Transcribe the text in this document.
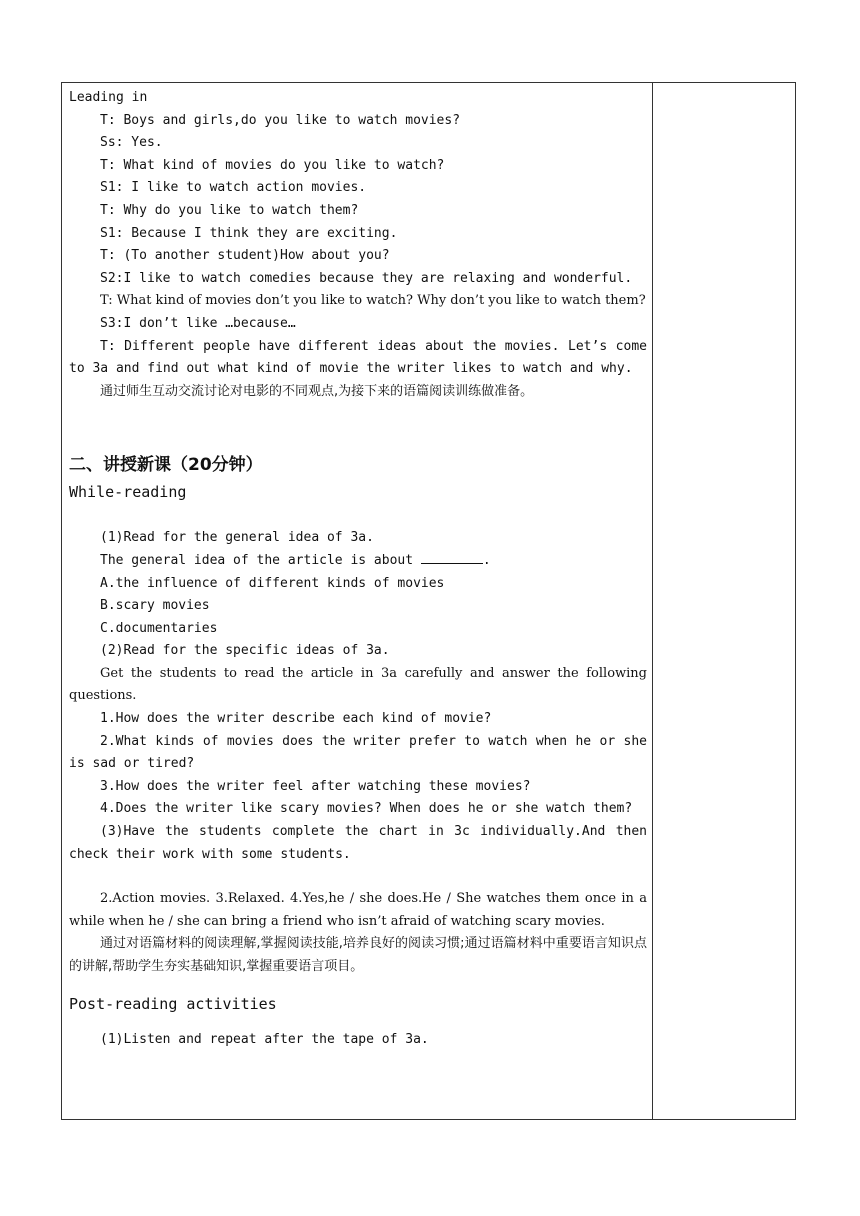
Leading in
T: Boys and girls,do you like to watch movies?
Ss: Yes.
T: What kind of movies do you like to watch?
S1: I like to watch action movies.
T: Why do you like to watch them?
S1: Because I think they are exciting.
T: (To another student)How about you?
S2:I like to watch comedies because they are relaxing and wonderful.
T: What kind of movies don’t you like to watch? Why don’t you like to watch them?
S3:I don’t like …because…
T: Different people have different ideas about the movies. Let’s come to 3a and find out what kind of movie the writer likes to watch and why.
通过师生互动交流讨论对电影的不同观点,为接下来的语篇阅读训练做准备。
二、讲授新课（20分钟）
While-reading
(1)Read for the general idea of 3a.
The general idea of the article is about	.
A.the influence of different kinds of movies
B.scary movies
C.documentaries
(2)Read for the specific ideas of 3a.
Get the students to read the article in 3a carefully and answer the following questions.
1.How does the writer describe each kind of movie?
2.What kinds of movies does the writer prefer to watch when he or she is sad or tired?
3.How does the writer feel after watching these movies?
4.Does the writer like scary movies? When does he or she watch them?
(3)Have the students complete the chart in 3c individually.And then check their work with some students.
2.Action movies. 3.Relaxed. 4.Yes,he / she does.He / She watches them once in a while when he / she can bring a friend who isn’t afraid of watching scary movies.
通过对语篇材料的阅读理解,掌握阅读技能,培养良好的阅读习惯;通过语篇材料中重要语言知识点的讲解,帮助学生夯实基础知识,掌握重要语言项目。
Post-reading activities
(1)Listen and repeat after the tape of 3a.
